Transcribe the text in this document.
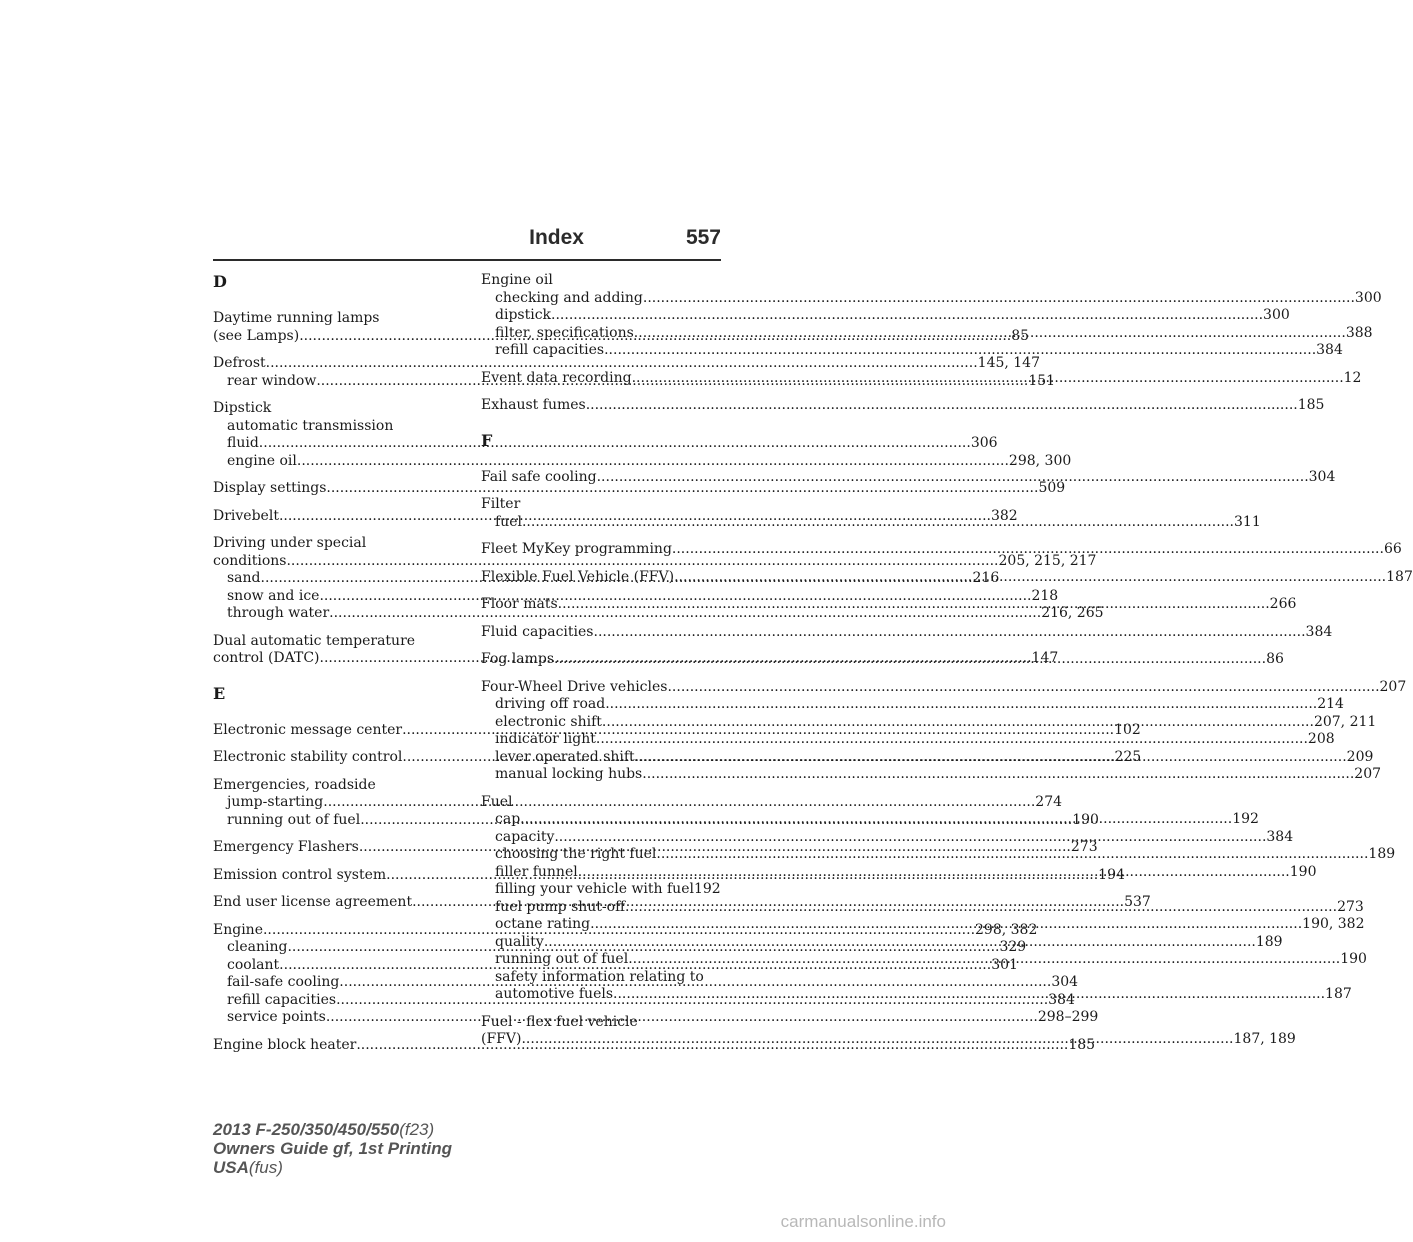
Index	557
D
Daytime running lamps
(see Lamps) .....	85
Defrost .....	145, 147
rear window .....	151
Dipstick
automatic transmission
fluid .....	306
engine oil .....	298, 300
Display settings .....	509
Drivebelt .....	382
Driving under special
conditions .....	205, 215, 217
sand .....	216
snow and ice .....	218
through water .....	216, 265
Dual automatic temperature
control (DATC) .....	147
E
Electronic message center .....	102
Electronic stability control .....	225
Emergencies, roadside
jump-starting .....	274
running out of fuel .....	190
Emergency Flashers .....	273
Emission control system .....	194
End user license agreement .....	537
Engine .....	298, 382
cleaning .....	329
coolant .....	301
fail-safe cooling .....	304
refill capacities .....	384
service points .....	298–299
Engine block heater .....	185
Engine oil
checking and adding .....	300
dipstick .....	300
filter, specifications .....	388
refill capacities .....	384
Event data recording .....	12
Exhaust fumes .....	185
F
Fail safe cooling .....	304
Filter
fuel .....	311
Fleet MyKey programming .....	66
Flexible Fuel Vehicle (FFV) .....	187
Floor mats .....	266
Fluid capacities .....	384
Fog lamps .....	86
Four-Wheel Drive vehicles .....	207
driving off road .....	214
electronic shift .....	207, 211
indicator light .....	208
lever operated shift .....	209
manual locking hubs .....	207
Fuel
cap .....	192
capacity .....	384
choosing the right fuel .....	189
filler funnel .....	190
filling your vehicle with fuel 192
fuel pump shut-off .....	273
octane rating .....	190, 382
quality .....	189
running out of fuel .....	190
safety information relating to
automotive fuels .....	187
Fuel - flex fuel vehicle
(FFV) .....	187, 189
2013 F-250/350/450/550(f23)
Owners Guide gf, 1st Printing
USA(fus)
carmanualsonline.info
